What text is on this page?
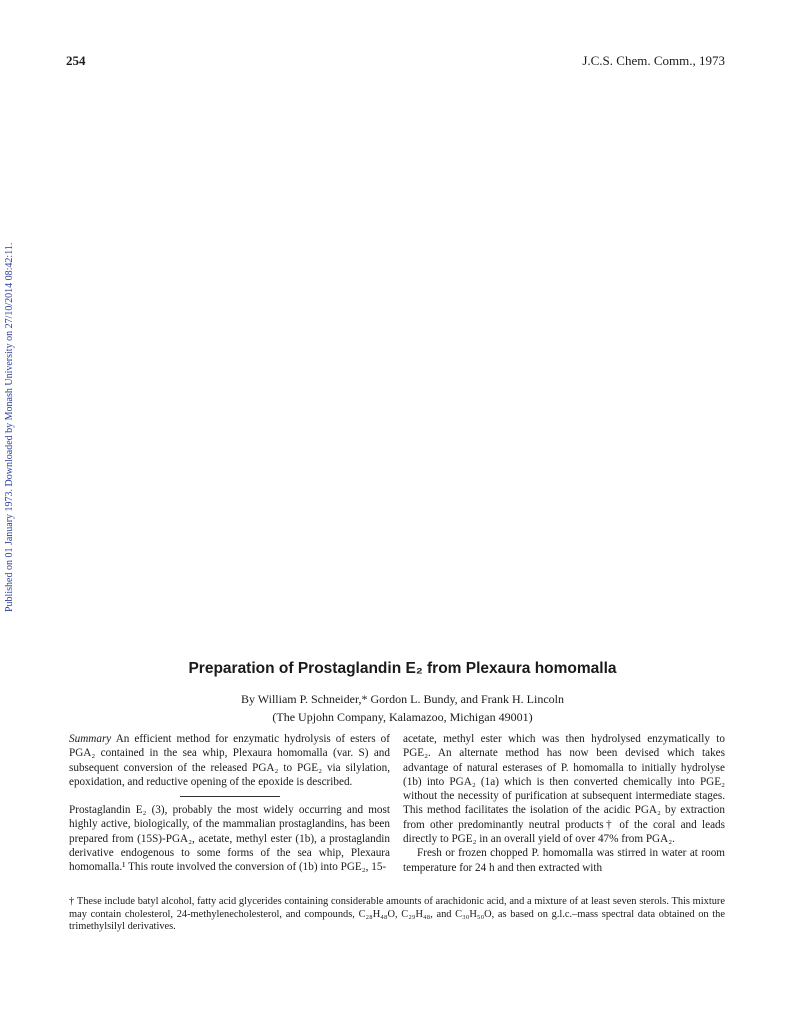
254	J.C.S. Chem. Comm., 1973
Published on 01 January 1973. Downloaded by Monash University on 27/10/2014 08:42:11.
Preparation of Prostaglandin E₂ from Plexaura homomalla
By William P. Schneider,* Gordon L. Bundy, and Frank H. Lincoln
(The Upjohn Company, Kalamazoo, Michigan 49001)

Summary An efficient method for enzymatic hydrolysis of esters of PGA₂ contained in the sea whip, Plexaura homomalla (var. S) and subsequent conversion of the released PGA₂ to PGE₂ via silylation, epoxidation, and reductive opening of the epoxide is described.

Prostaglandin E₂ (3), probably the most widely occurring and most highly active, biologically, of the mammalian prostaglandins, has been prepared from (15S)-PGA₂, acetate, methyl ester (1b), a prostaglandin derivative endogenous to some forms of the sea whip, Plexaura homomalla.¹ This route involved the conversion of (1b) into PGE₂, 15-

acetate, methyl ester which was then hydrolysed enzymatically to PGE₂. An alternate method has now been devised which takes advantage of natural esterases of P. homomalla to initially hydrolyse (1b) into PGA₂ (1a) which is then converted chemically into PGE₂ without the necessity of purification at subsequent intermediate stages. This method facilitates the isolation of the acidic PGA₂ by extraction from other predominantly neutral products† of the coral and leads directly to PGE₂ in an overall yield of over 47% from PGA₂.

Fresh or frozen chopped P. homomalla was stirred in water at room temperature for 24 h and then extracted with

† These include batyl alcohol, fatty acid glycerides containing considerable amounts of arachidonic acid, and a mixture of at least seven sterols. This mixture may contain cholesterol, 24-methylenecholesterol, and compounds, C₂₈H₄₈O, C₂₉H₄₈, and C₃₀H₅₀O, as based on g.l.c.–mass spectral data obtained on the trimethylsilyl derivatives.
